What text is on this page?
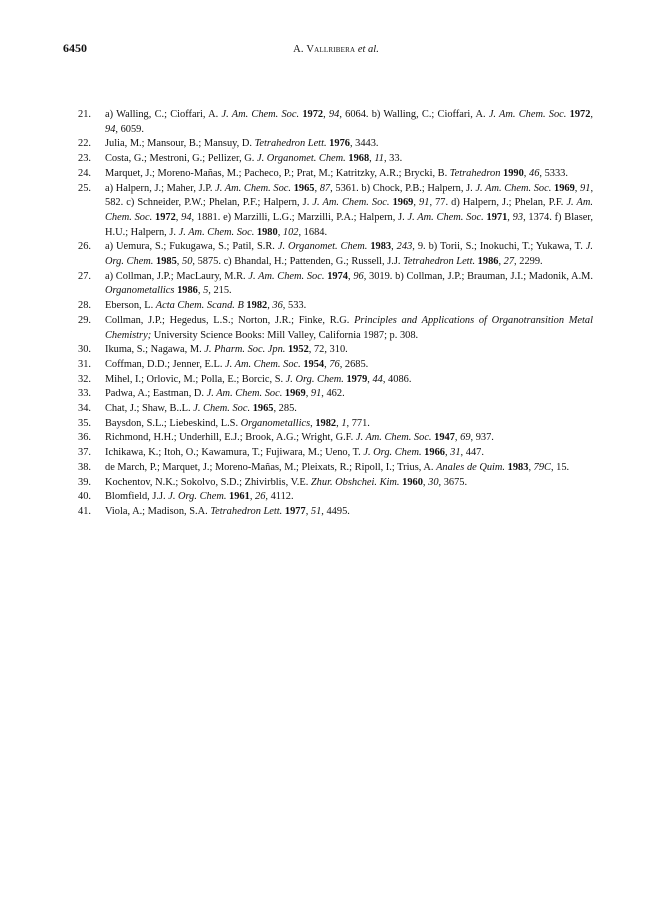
6450	A. Vallribera et al.
21.	a) Walling, C.; Cioffari, A. J. Am. Chem. Soc. 1972, 94, 6064. b) Walling, C.; Cioffari, A. J. Am. Chem. Soc. 1972, 94, 6059.
22.	Julia, M.; Mansour, B.; Mansuy, D. Tetrahedron Lett. 1976, 3443.
23.	Costa, G.; Mestroni, G.; Pellizer, G. J. Organomet. Chem. 1968, 11, 33.
24.	Marquet, J.; Moreno-Mañas, M.; Pacheco, P.; Prat, M.; Katritzky, A.R.; Brycki, B. Tetrahedron 1990, 46, 5333.
25.	a) Halpern, J.; Maher, J.P. J. Am. Chem. Soc. 1965, 87, 5361. b) Chock, P.B.; Halpern, J. J. Am. Chem. Soc. 1969, 91, 582. c) Schneider, P.W.; Phelan, P.F.; Halpern, J. J. Am. Chem. Soc. 1969, 91, 77. d) Halpern, J.; Phelan, P.F. J. Am. Chem. Soc. 1972, 94, 1881. e) Marzilli, L.G.; Marzilli, P.A.; Halpern, J. J. Am. Chem. Soc. 1971, 93, 1374. f) Blaser, H.U.; Halpern, J. J. Am. Chem. Soc. 1980, 102, 1684.
26.	a) Uemura, S.; Fukugawa, S.; Patil, S.R. J. Organomet. Chem. 1983, 243, 9. b) Torii, S.; Inokuchi, T.; Yukawa, T. J. Org. Chem. 1985, 50, 5875. c) Bhandal, H.; Pattenden, G.; Russell, J.J. Tetrahedron Lett. 1986, 27, 2299.
27.	a) Collman, J.P.; MacLaury, M.R. J. Am. Chem. Soc. 1974, 96, 3019. b) Collman, J.P.; Brauman, J.I.; Madonik, A.M. Organometallics 1986, 5, 215.
28.	Eberson, L. Acta Chem. Scand. B 1982, 36, 533.
29.	Collman, J.P.; Hegedus, L.S.; Norton, J.R.; Finke, R.G. Principles and Applications of Organotransition Metal Chemistry; University Science Books: Mill Valley, California 1987; p. 308.
30.	Ikuma, S.; Nagawa, M. J. Pharm. Soc. Jpn. 1952, 72, 310.
31.	Coffman, D.D.; Jenner, E.L. J. Am. Chem. Soc. 1954, 76, 2685.
32.	Mihel, I.; Orlovic, M.; Polla, E.; Borcic, S. J. Org. Chem. 1979, 44, 4086.
33.	Padwa, A.; Eastman, D. J. Am. Chem. Soc. 1969, 91, 462.
34.	Chat, J.; Shaw, B..L. J. Chem. Soc. 1965, 285.
35.	Baysdon, S.L.; Liebeskind, L.S. Organometallics, 1982, 1, 771.
36.	Richmond, H.H.; Underhill, E.J.; Brook, A.G.; Wright, G.F. J. Am. Chem. Soc. 1947, 69, 937.
37.	Ichikawa, K.; Itoh, O.; Kawamura, T.; Fujiwara, M.; Ueno, T. J. Org. Chem. 1966, 31, 447.
38.	de March, P.; Marquet, J.; Moreno-Mañas, M.; Pleixats, R.; Ripoll, I.; Trius, A. Anales de Quim. 1983, 79C, 15.
39.	Kochentov, N.K.; Sokolvo, S.D.; Zhivirblis, V.E. Zhur. Obshchei. Kim. 1960, 30, 3675.
40.	Blomfield, J.J. J. Org. Chem. 1961, 26, 4112.
41.	Viola, A.; Madison, S.A. Tetrahedron Lett. 1977, 51, 4495.
